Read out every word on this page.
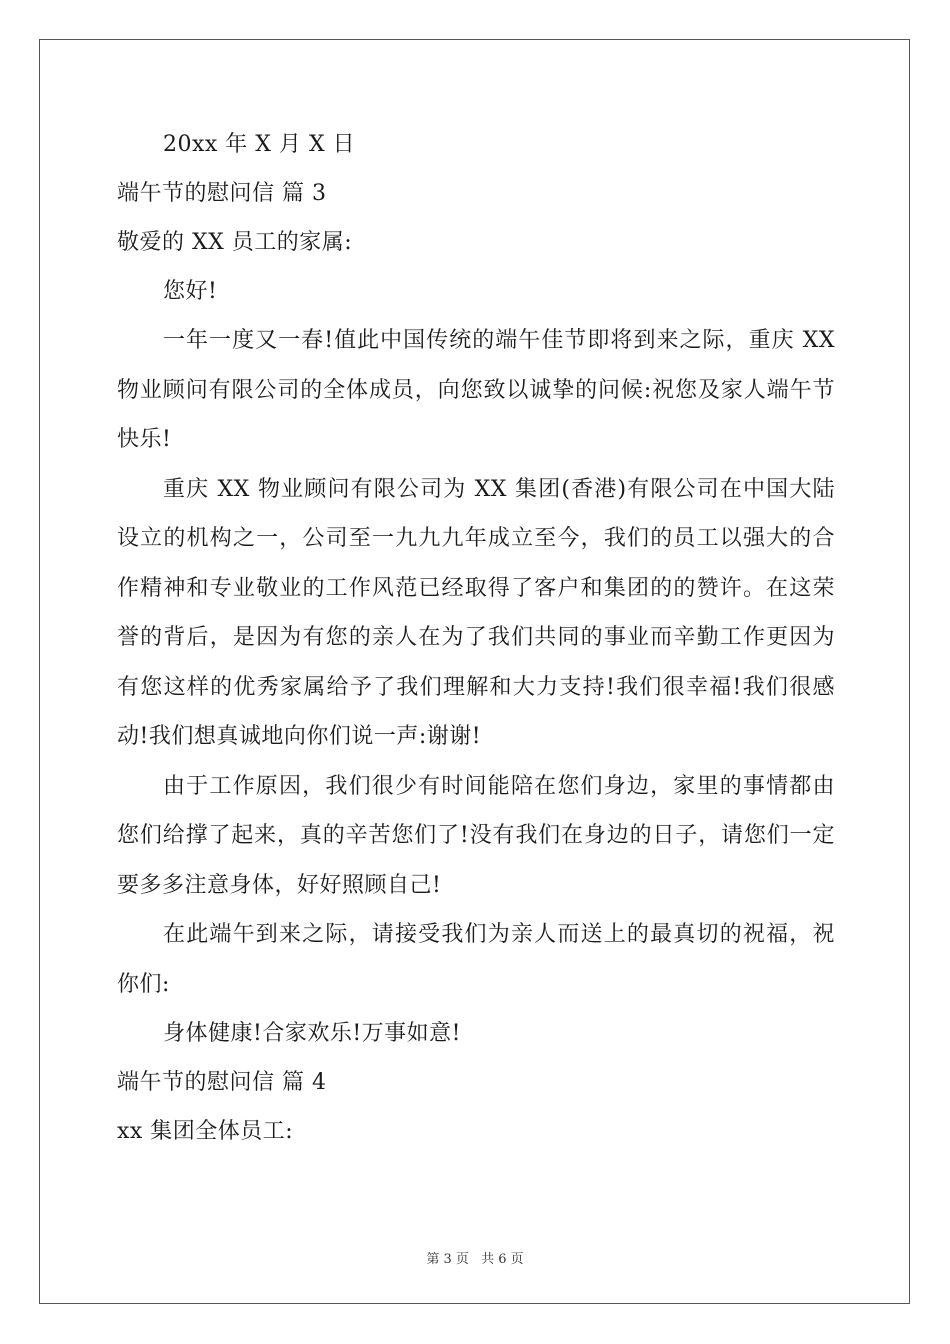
20xx 年 X 月 X 日
端午节的慰问信 篇 3
敬爱的 XX 员工的家属:
您好!

一年一度又一春!值此中国传统的端午佳节即将到来之际，重庆 XX 物业顾问有限公司的全体成员，向您致以诚挚的问候:祝您及家人端午节快乐!

重庆 XX 物业顾问有限公司为 XX 集团(香港)有限公司在中国大陆设立的机构之一，公司至一九九九年成立至今，我们的员工以强大的合作精神和专业敬业的工作风范已经取得了客户和集团的的赞许。在这荣誉的背后，是因为有您的亲人在为了我们共同的事业而辛勤工作更因为有您这样的优秀家属给予了我们理解和大力支持!我们很幸福!我们很感动!我们想真诚地向你们说一声:谢谢!

由于工作原因，我们很少有时间能陪在您们身边，家里的事情都由您们给撑了起来，真的辛苦您们了!没有我们在身边的日子，请您们一定要多多注意身体，好好照顾自己!

在此端午到来之际，请接受我们为亲人而送上的最真切的祝福，祝你们:

身体健康!合家欢乐!万事如意!
端午节的慰问信 篇 4
xx 集团全体员工:
第 3 页 共 6 页
